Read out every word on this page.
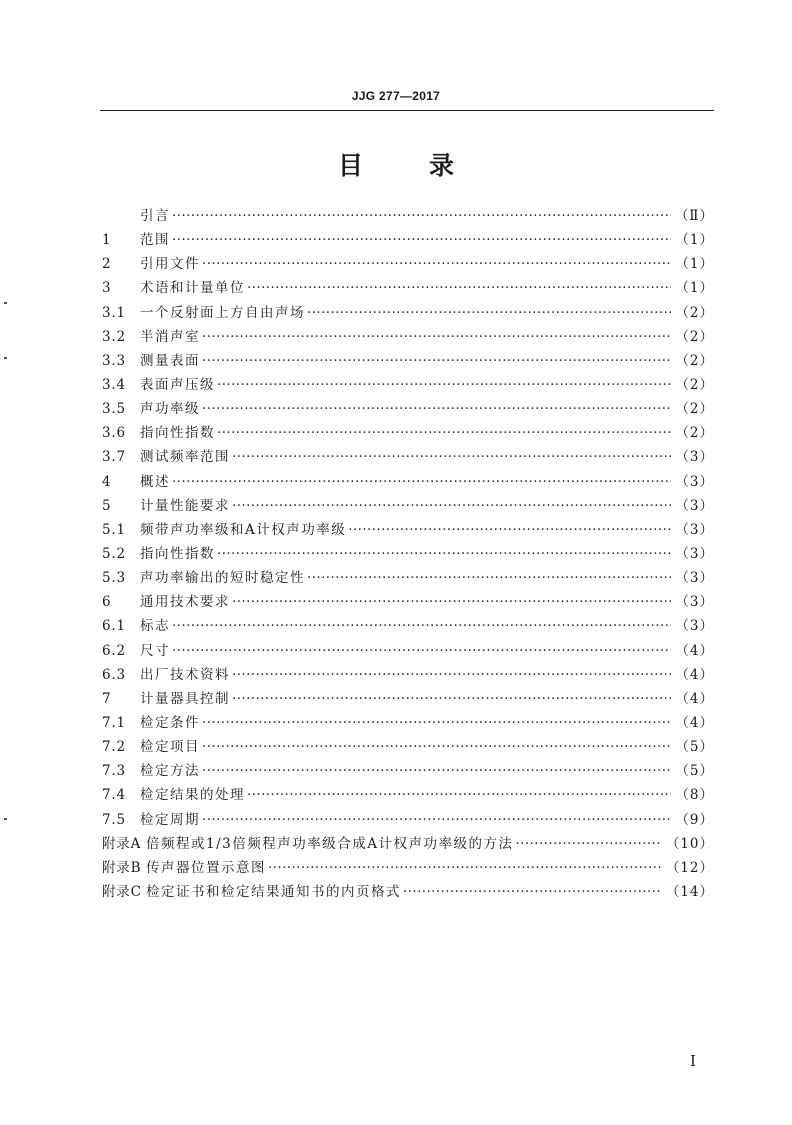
JJG 277—2017
目	录
引言 ·····	（Ⅱ）
1	范围 ·····	（1）
2	引用文件 ·····	（1）
3	术语和计量单位 ·····	（1）
3.1	一个反射面上方自由声场 ·····	（2）
3.2	半消声室 ·····	（2）
3.3	测量表面 ·····	（2）
3.4	表面声压级 ·····	（2）
3.5	声功率级 ·····	（2）
3.6	指向性指数 ·····	（2）
3.7	测试频率范围 ·····	（3）
4	概述 ·····	（3）
5	计量性能要求 ·····	（3）
5.1	频带声功率级和A计权声功率级 ·····	（3）
5.2	指向性指数 ·····	（3）
5.3	声功率输出的短时稳定性 ·····	（3）
6	通用技术要求 ·····	（3）
6.1	标志 ·····	（3）
6.2	尺寸 ·····	（4）
6.3	出厂技术资料 ·····	（4）
7	计量器具控制 ·····	（4）
7.1	检定条件 ·····	（4）
7.2	检定项目 ·····	（5）
7.3	检定方法 ·····	（5）
7.4	检定结果的处理 ·····	（8）
7.5	检定周期 ·····	（9）
附录A 倍频程或1/3倍频程声功率级合成A计权声功率级的方法 ·····	（10）
附录B 传声器位置示意图 ·····	（12）
附录C 检定证书和检定结果通知书的内页格式 ·····	（14）
I
